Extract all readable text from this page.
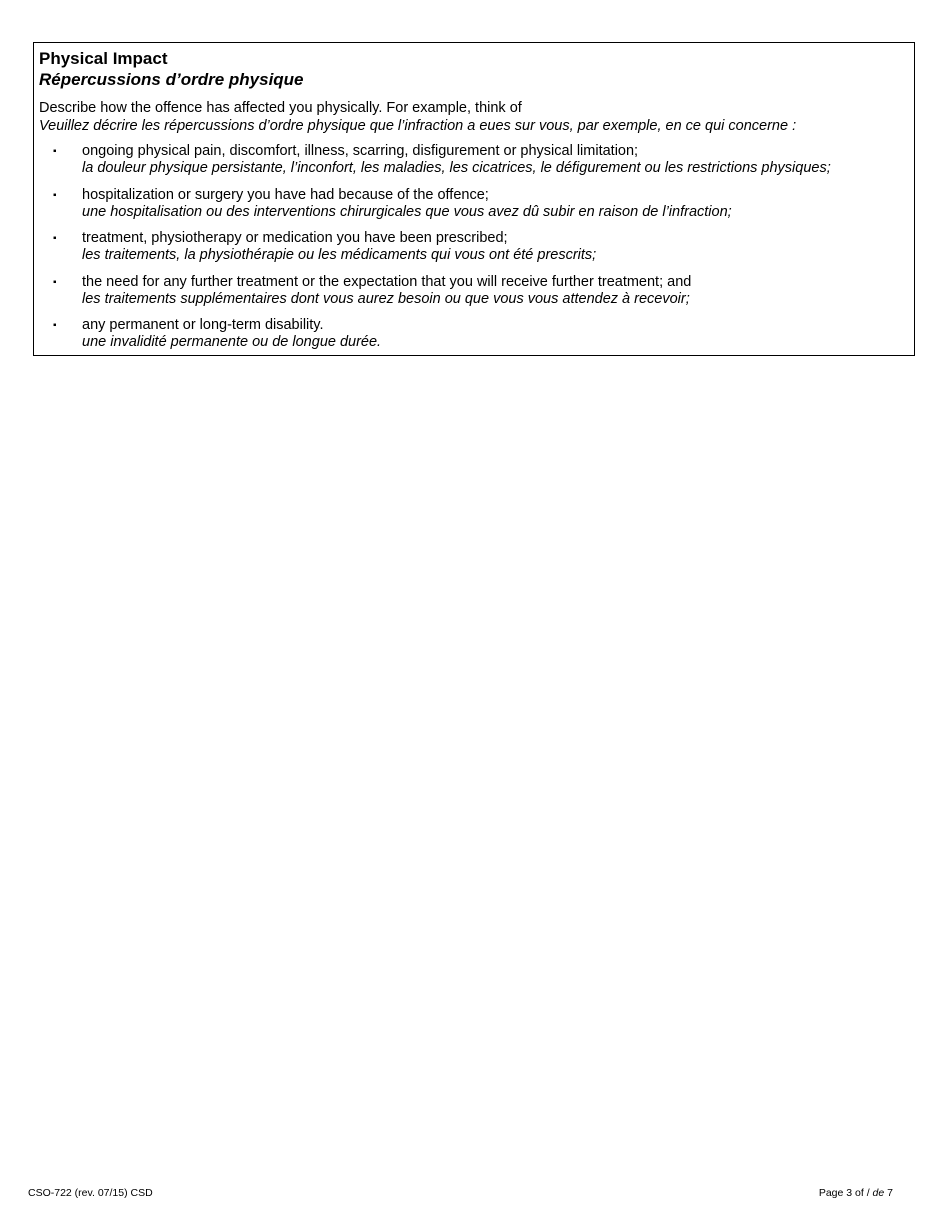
Physical Impact
Répercussions d’ordre physique
Describe how the offence has affected you physically. For example, think of
Veuillez décrire les répercussions d’ordre physique que l’infraction a eues sur vous, par exemple, en ce qui concerne :
▪ ongoing physical pain, discomfort, illness, scarring, disfigurement or physical limitation;
la douleur physique persistante, l’inconfort, les maladies, les cicatrices, le défigurement ou les restrictions physiques;
▪ hospitalization or surgery you have had because of the offence;
une hospitalisation ou des interventions chirurgicales que vous avez dû subir en raison de l’infraction;
▪ treatment, physiotherapy or medication you have been prescribed;
les traitements, la physiothérapie ou les médicaments qui vous ont été prescrits;
▪ the need for any further treatment or the expectation that you will receive further treatment; and
les traitements supplémentaires dont vous aurez besoin ou que vous vous attendez à recevoir;
▪ any permanent or long-term disability.
une invalidité permanente ou de longue durée.
CSO-722 (rev. 07/15) CSD	Page 3 of / de 7
